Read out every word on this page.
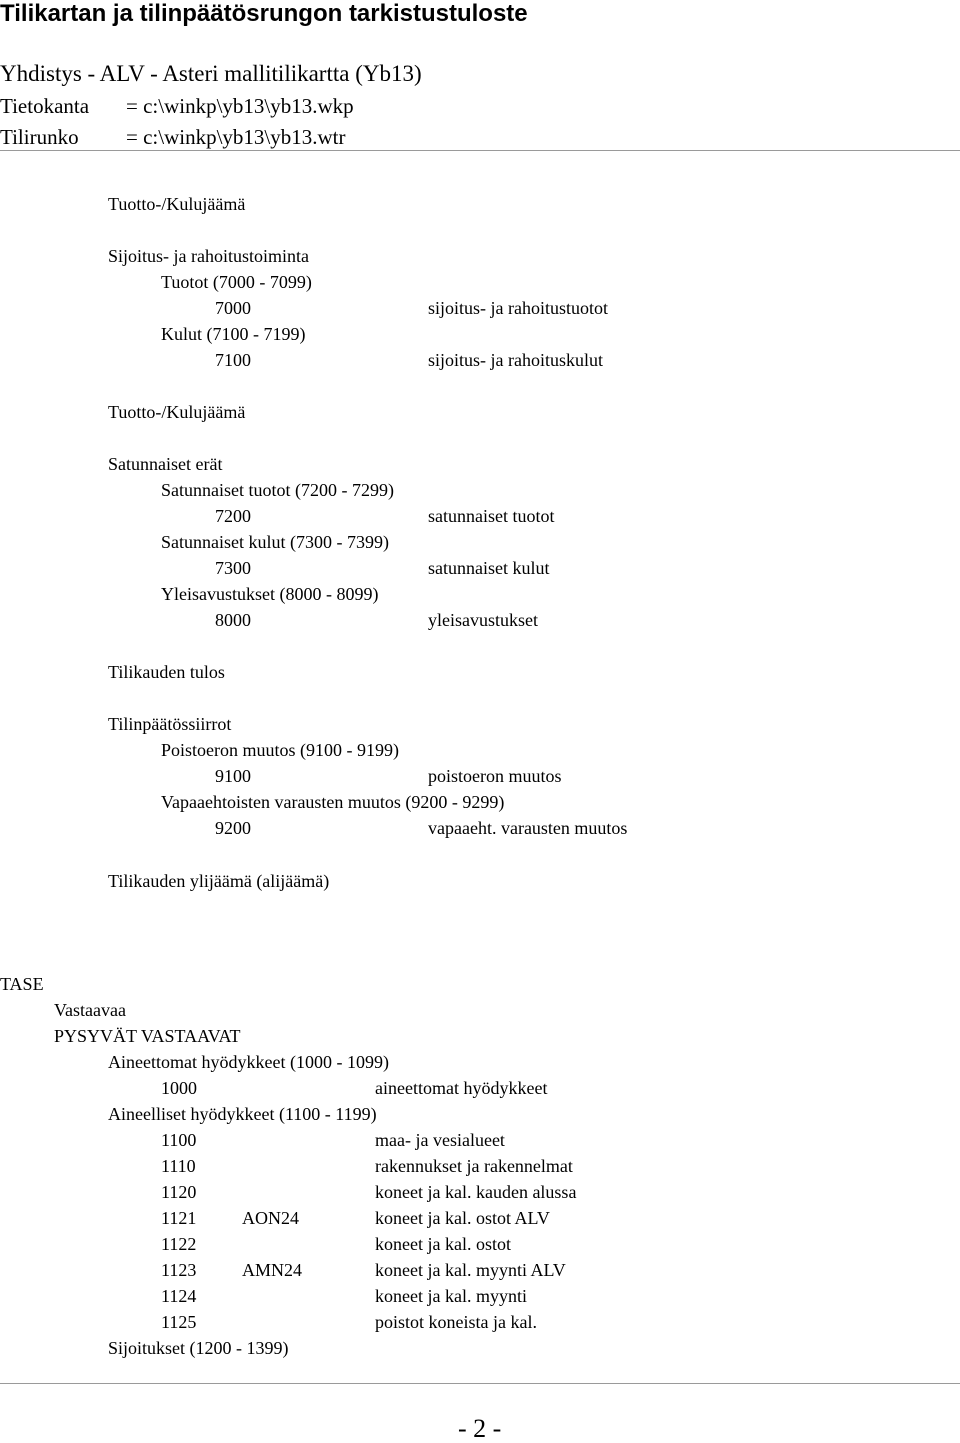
Tilikartan ja tilinpäätösrungon tarkistustuloste
Yhdistys - ALV - Asteri mallitilikartta (Yb13)
Tietokanta = c:\winkp\yb13\yb13.wkp
Tilirunko = c:\winkp\yb13\yb13.wtr
Tuotto-/Kulujäämä
Sijoitus- ja rahoitustoiminta
Tuotot (7000 - 7099)
7000	sijoitus- ja rahoitustuotot
Kulut (7100 - 7199)
7100	sijoitus- ja rahoituskulut
Tuotto-/Kulujäämä
Satunnaiset erät
Satunnaiset tuotot (7200 - 7299)
7200	satunnaiset tuotot
Satunnaiset kulut (7300 - 7399)
7300	satunnaiset kulut
Yleisavustukset (8000 - 8099)
8000	yleisavustukset
Tilikauden tulos
Tilinpäätössiirrot
Poistoeron muutos (9100 - 9199)
9100	poistoeron muutos
Vapaaehtoisten varausten muutos (9200 - 9299)
9200	vapaaeht. varausten muutos
Tilikauden ylijäämä (alijäämä)
TASE
Vastaavaa
PYSYVÄT VASTAAVAT
Aineettomat hyödykkeet (1000 - 1099)
1000	aineettomat hyödykkeet
Aineelliset hyödykkeet (1100 - 1199)
1100	maa- ja vesialueet
1110	rakennukset ja rakennelmat
1120	koneet ja kal. kauden alussa
1121	AON24	koneet ja kal. ostot ALV
1122	koneet ja kal. ostot
1123	AMN24	koneet ja kal. myynti ALV
1124	koneet ja kal. myynti
1125	poistot koneista ja kal.
Sijoitukset (1200 - 1399)
- 2 -
